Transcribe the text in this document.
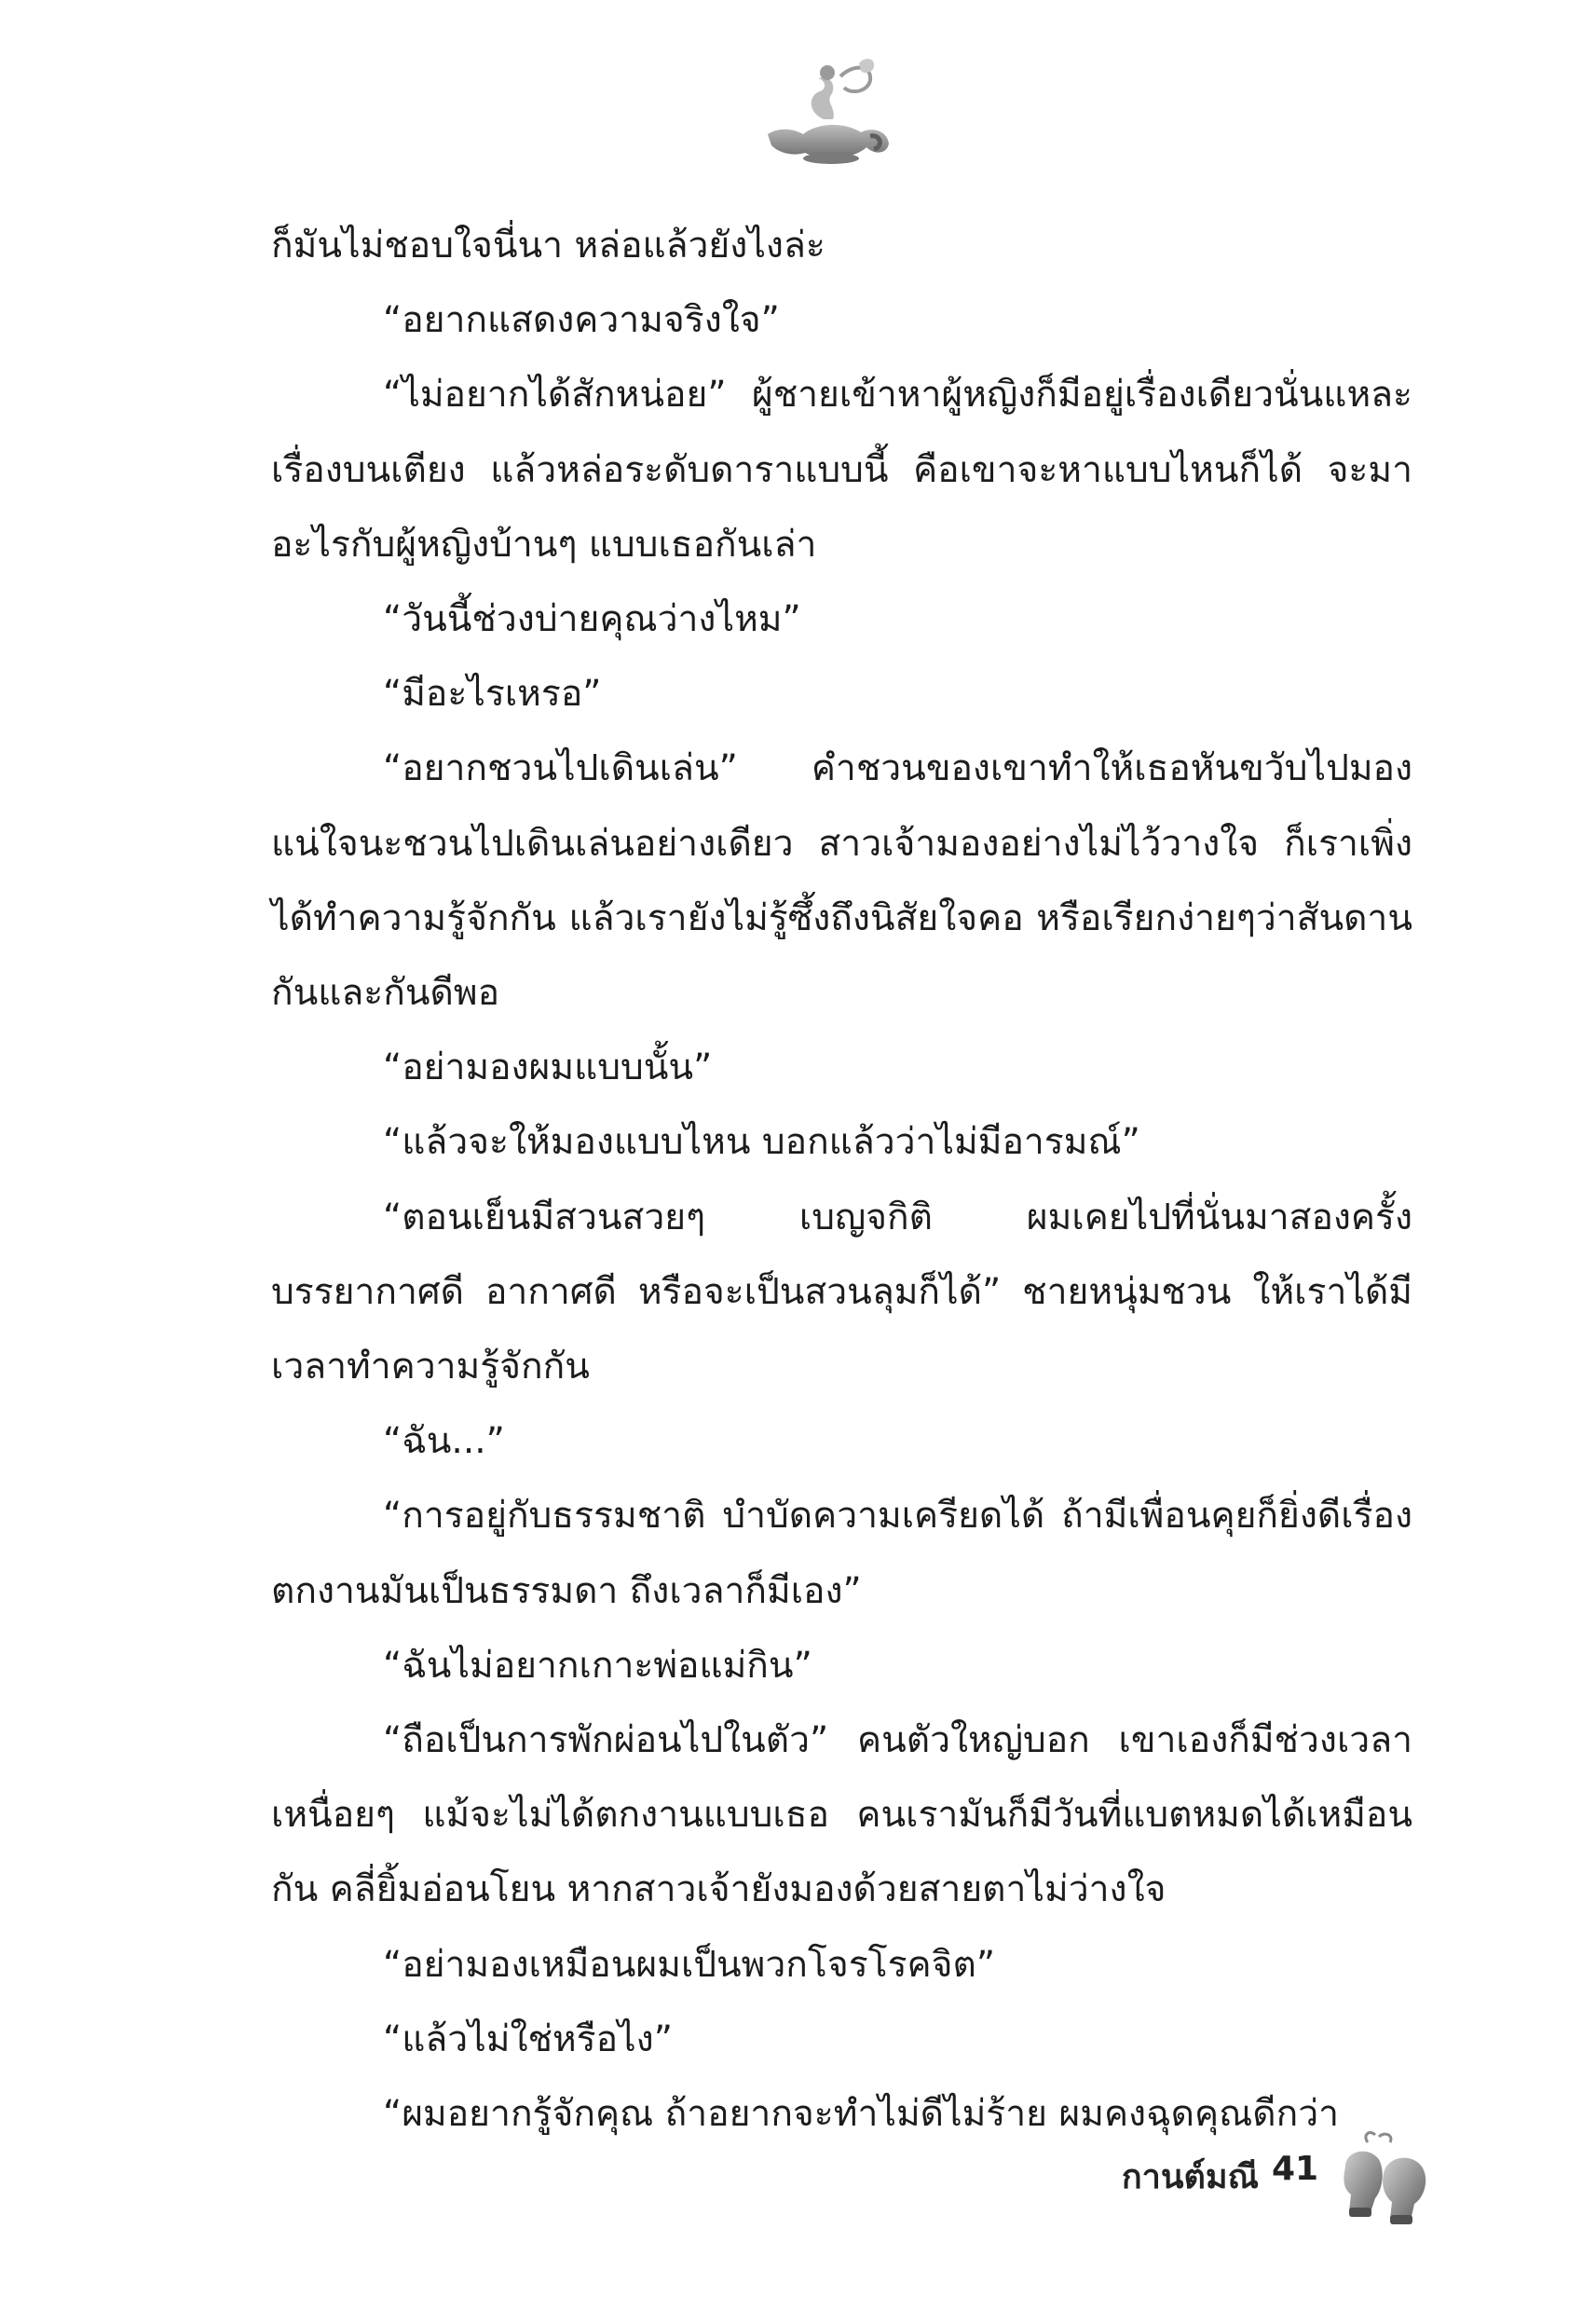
ก็มันไม่ชอบใจนี่นา หล่อแล้วยังไงล่ะ

“อยากแสดงความจริงใจ”

“ไม่อยากได้สักหน่อย” ผู้ชายเข้าหาผู้หญิงก็มีอยู่เรื่องเดียวนั่นแหละ เรื่องบนเตียง แล้วหล่อระดับดาราแบบนี้ คือเขาจะหาแบบไหนก็ได้ จะมาอะไรกับผู้หญิงบ้านๆ แบบเธอกันเล่า

“วันนี้ช่วงบ่ายคุณว่างไหม”

“มีอะไรเหรอ”

“อยากชวนไปเดินเล่น” คำชวนของเขาทำให้เธอหันขวับไปมองแน่ใจนะชวนไปเดินเล่นอย่างเดียว สาวเจ้ามองอย่างไม่ไว้วางใจ ก็เราเพิ่งได้ทำความรู้จักกัน แล้วเรายังไม่รู้ซึ้งถึงนิสัยใจคอ หรือเรียกง่ายๆว่าสันดานกันและกันดีพอ

“อย่ามองผมแบบนั้น”

“แล้วจะให้มองแบบไหน บอกแล้วว่าไม่มีอารมณ์”

“ตอนเย็นมีสวนสวยๆ เบญจกิติ ผมเคยไปที่นั่นมาสองครั้งบรรยากาศดี อากาศดี หรือจะเป็นสวนลุมก็ได้” ชายหนุ่มชวน ให้เราได้มีเวลาทำความรู้จักกัน

“ฉัน...”

“การอยู่กับธรรมชาติ บำบัดความเครียดได้ ถ้ามีเพื่อนคุยก็ยิ่งดีเรื่องตกงานมันเป็นธรรมดา ถึงเวลาก็มีเอง”

“ฉันไม่อยากเกาะพ่อแม่กิน”

“ถือเป็นการพักผ่อนไปในตัว” คนตัวใหญ่บอก เขาเองก็มีช่วงเวลาเหนื่อยๆ แม้จะไม่ได้ตกงานแบบเธอ คนเรามันก็มีวันที่แบตหมดได้เหมือนกัน คลี่ยิ้มอ่อนโยน หากสาวเจ้ายังมองด้วยสายตาไม่ว่างใจ

“อย่ามองเหมือนผมเป็นพวกโจรโรคจิต”

“แล้วไม่ใช่หรือไง”

“ผมอยากรู้จักคุณ ถ้าอยากจะทำไม่ดีไม่ร้าย ผมคงฉุดคุณดีกว่า

กานต์มณี 41
